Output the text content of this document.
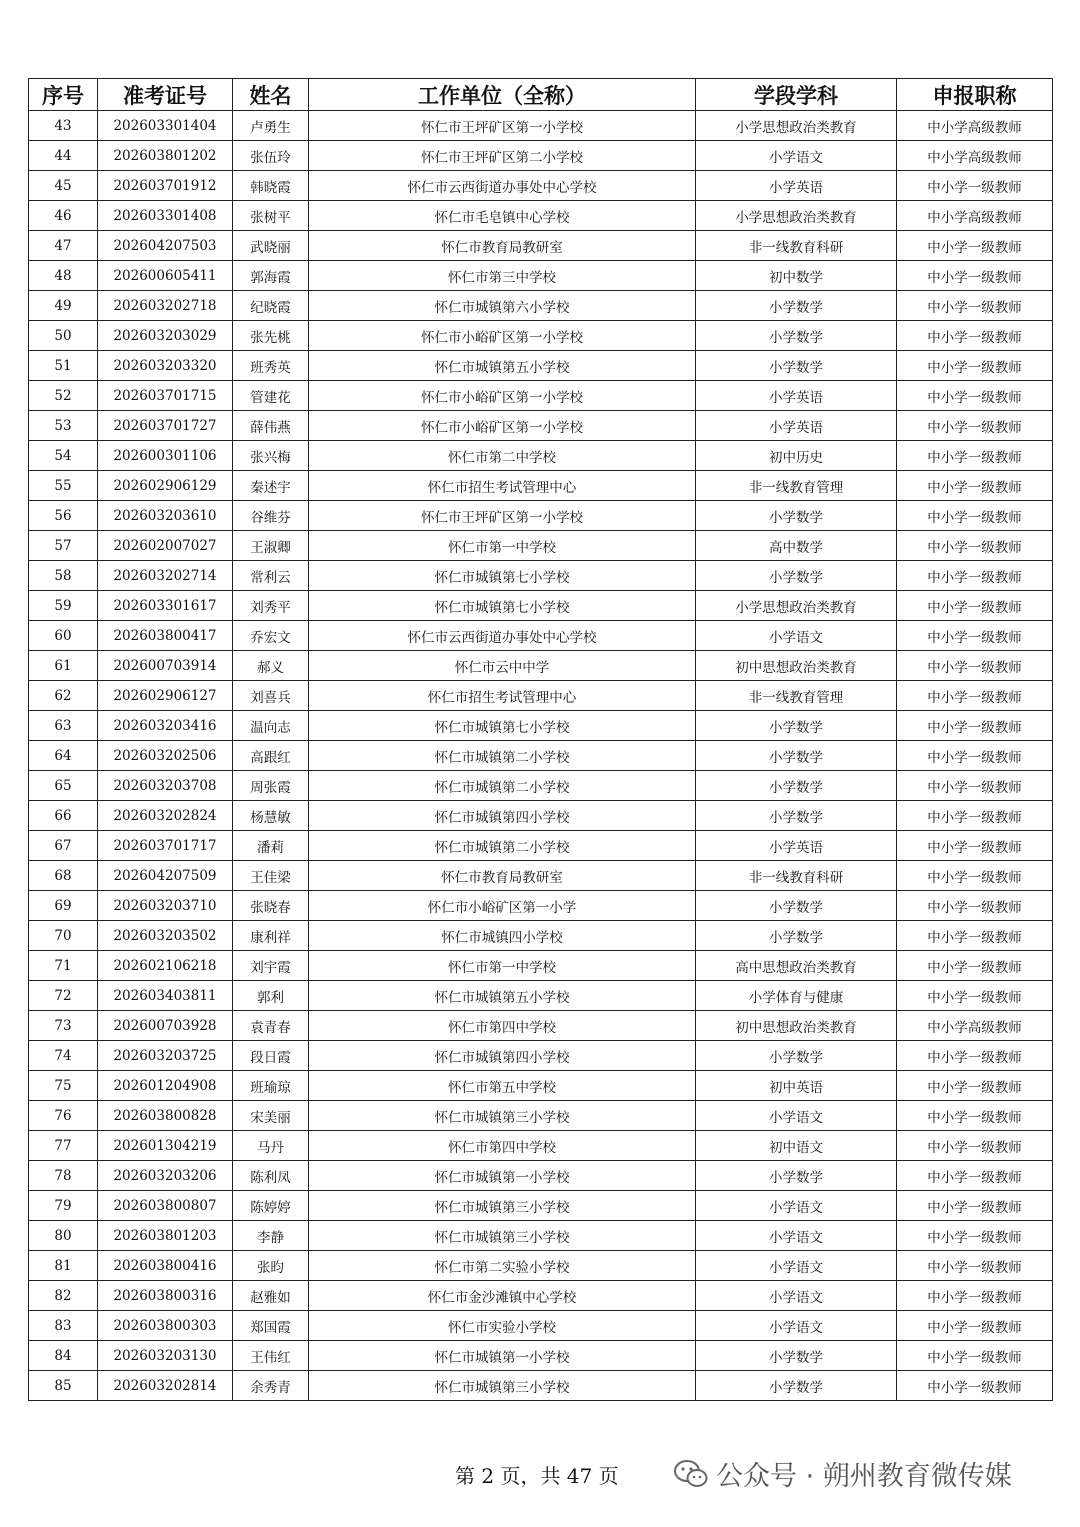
序号	准考证号	姓名	工作单位（全称）	学段学科	申报职称
43	202603301404	卢勇生	怀仁市王坪矿区第一小学校	小学思想政治类教育	中小学高级教师
44	202603801202	张伍玲	怀仁市王坪矿区第二小学校	小学语文	中小学高级教师
45	202603701912	韩晓霞	怀仁市云西街道办事处中心学校	小学英语	中小学一级教师
46	202603301408	张树平	怀仁市毛皂镇中心学校	小学思想政治类教育	中小学高级教师
47	202604207503	武晓丽	怀仁市教育局教研室	非一线教育科研	中小学一级教师
48	202600605411	郭海霞	怀仁市第三中学校	初中数学	中小学一级教师
49	202603202718	纪晓霞	怀仁市城镇第六小学校	小学数学	中小学一级教师
50	202603203029	张先桃	怀仁市小峪矿区第一小学校	小学数学	中小学一级教师
51	202603203320	班秀英	怀仁市城镇第五小学校	小学数学	中小学一级教师
52	202603701715	管建花	怀仁市小峪矿区第一小学校	小学英语	中小学一级教师
53	202603701727	薛伟燕	怀仁市小峪矿区第一小学校	小学英语	中小学一级教师
54	202600301106	张兴梅	怀仁市第二中学校	初中历史	中小学一级教师
55	202602906129	秦述宇	怀仁市招生考试管理中心	非一线教育管理	中小学一级教师
56	202603203610	谷维芬	怀仁市王坪矿区第一小学校	小学数学	中小学一级教师
57	202602007027	王淑卿	怀仁市第一中学校	高中数学	中小学一级教师
58	202603202714	常利云	怀仁市城镇第七小学校	小学数学	中小学一级教师
59	202603301617	刘秀平	怀仁市城镇第七小学校	小学思想政治类教育	中小学一级教师
60	202603800417	乔宏文	怀仁市云西街道办事处中心学校	小学语文	中小学一级教师
61	202600703914	郝义	怀仁市云中中学	初中思想政治类教育	中小学一级教师
62	202602906127	刘喜兵	怀仁市招生考试管理中心	非一线教育管理	中小学一级教师
63	202603203416	温向志	怀仁市城镇第七小学校	小学数学	中小学一级教师
64	202603202506	高跟红	怀仁市城镇第二小学校	小学数学	中小学一级教师
65	202603203708	周张霞	怀仁市城镇第二小学校	小学数学	中小学一级教师
66	202603202824	杨慧敏	怀仁市城镇第四小学校	小学数学	中小学一级教师
67	202603701717	潘莉	怀仁市城镇第二小学校	小学英语	中小学一级教师
68	202604207509	王佳梁	怀仁市教育局教研室	非一线教育科研	中小学一级教师
69	202603203710	张晓春	怀仁市小峪矿区第一小学	小学数学	中小学一级教师
70	202603203502	康利祥	怀仁市城镇四小学校	小学数学	中小学一级教师
71	202602106218	刘宇霞	怀仁市第一中学校	高中思想政治类教育	中小学一级教师
72	202603403811	郭利	怀仁市城镇第五小学校	小学体育与健康	中小学一级教师
73	202600703928	袁青春	怀仁市第四中学校	初中思想政治类教育	中小学高级教师
74	202603203725	段日霞	怀仁市城镇第四小学校	小学数学	中小学一级教师
75	202601204908	班瑜琼	怀仁市第五中学校	初中英语	中小学一级教师
76	202603800828	宋美丽	怀仁市城镇第三小学校	小学语文	中小学一级教师
77	202601304219	马丹	怀仁市第四中学校	初中语文	中小学一级教师
78	202603203206	陈利凤	怀仁市城镇第一小学校	小学数学	中小学一级教师
79	202603800807	陈婷婷	怀仁市城镇第三小学校	小学语文	中小学一级教师
80	202603801203	李静	怀仁市城镇第三小学校	小学语文	中小学一级教师
81	202603800416	张昀	怀仁市第二实验小学校	小学语文	中小学一级教师
82	202603800316	赵雅如	怀仁市金沙滩镇中心学校	小学语文	中小学一级教师
83	202603800303	郑国霞	怀仁市实验小学校	小学语文	中小学一级教师
84	202603203130	王伟红	怀仁市城镇第一小学校	小学数学	中小学一级教师
85	202603202814	余秀青	怀仁市城镇第三小学校	小学数学	中小学一级教师
第 2 页，共 47 页	公众号 · 朔州教育微传媒
